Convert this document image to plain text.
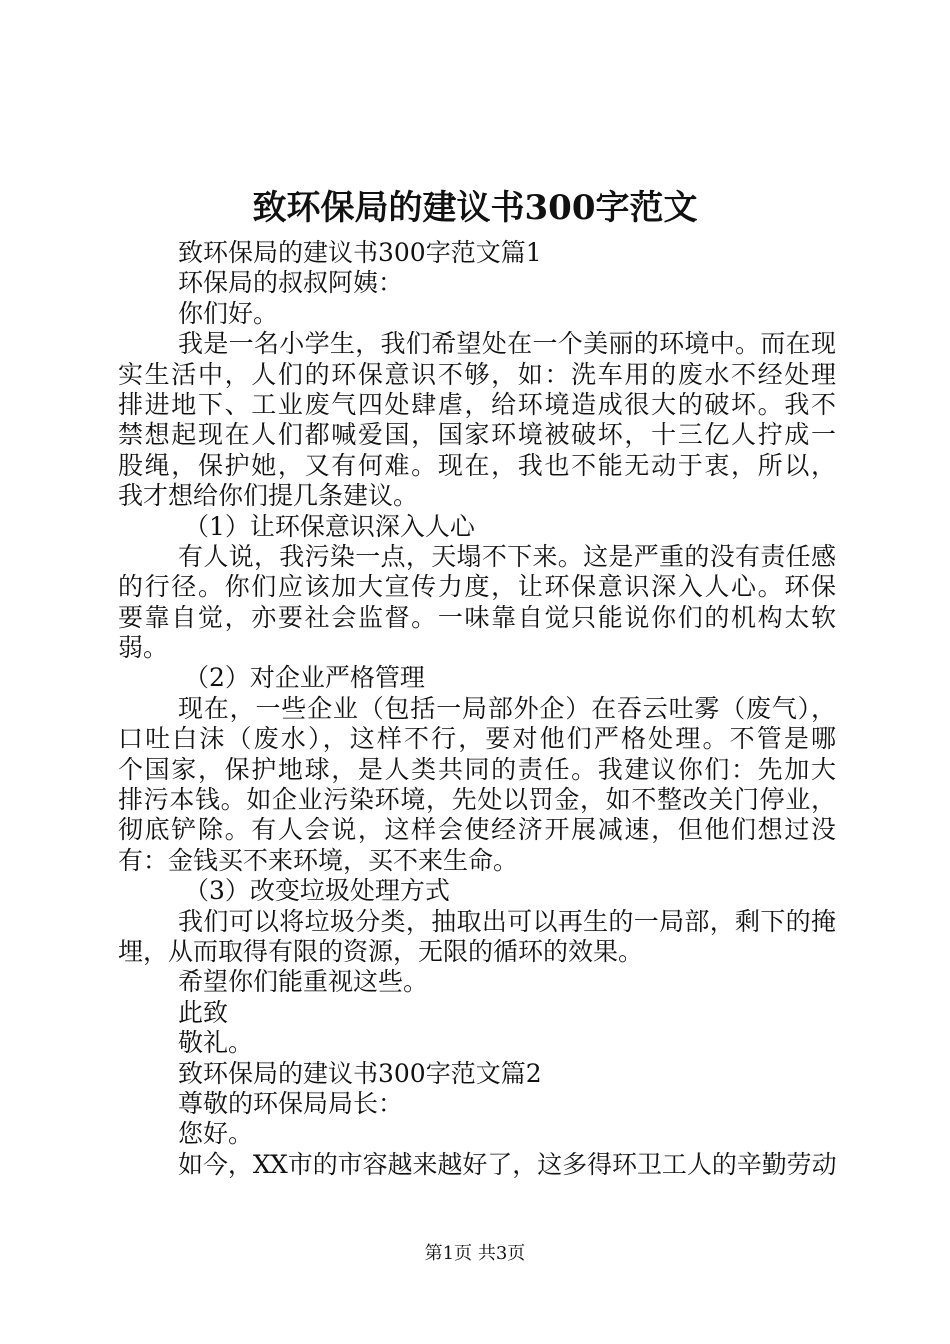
致环保局的建议书300字范文
致环保局的建议书300字范文篇1
环保局的叔叔阿姨：
你们好。
我是一名小学生，我们希望处在一个美丽的环境中。而在现
实生活中，人们的环保意识不够，如：洗车用的废水不经处理
排进地下、工业废气四处肆虐，给环境造成很大的破坏。我不
禁想起现在人们都喊爱国，国家环境被破坏，十三亿人拧成一
股绳，保护她，又有何难。现在，我也不能无动于衷，所以，
我才想给你们提几条建议。
（1）让环保意识深入人心
有人说，我污染一点，天塌不下来。这是严重的没有责任感
的行径。你们应该加大宣传力度，让环保意识深入人心。环保
要靠自觉，亦要社会监督。一味靠自觉只能说你们的机构太软
弱。
（2）对企业严格管理
现在，一些企业（包括一局部外企）在吞云吐雾（废气），
口吐白沫（废水），这样不行，要对他们严格处理。不管是哪
个国家，保护地球，是人类共同的责任。我建议你们：先加大
排污本钱。如企业污染环境，先处以罚金，如不整改关门停业，
彻底铲除。有人会说，这样会使经济开展减速，但他们想过没
有：金钱买不来环境，买不来生命。
（3）改变垃圾处理方式
我们可以将垃圾分类，抽取出可以再生的一局部，剩下的掩
埋，从而取得有限的资源，无限的循环的效果。
希望你们能重视这些。
此致
敬礼。
致环保局的建议书300字范文篇2
尊敬的环保局局长：
您好。
如今，XX市的市容越来越好了，这多得环卫工人的辛勤劳动
第1页 共3页
